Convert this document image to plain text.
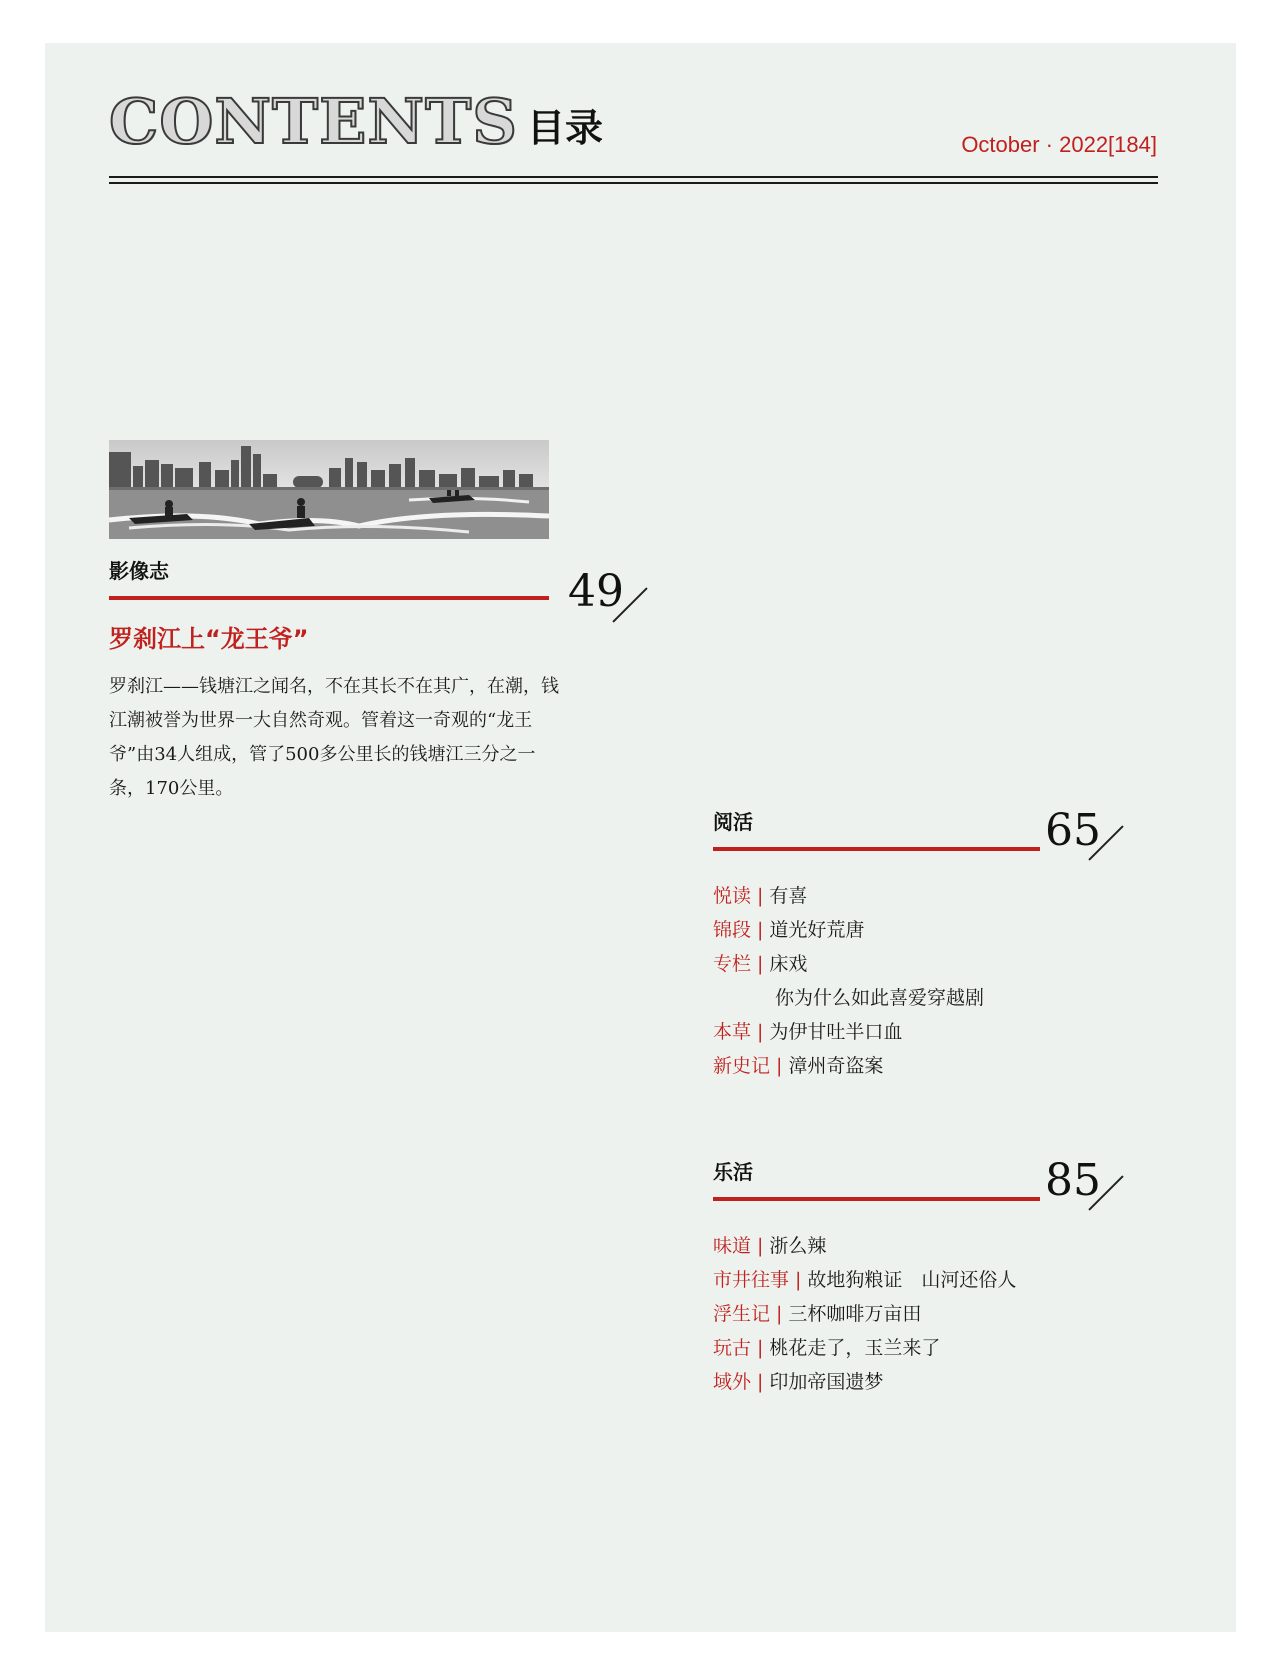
CONTENTS 目录	October · 2022[184]
影像志	49
罗刹江上“龙王爷”
罗刹江——钱塘江之闻名，不在其长不在其广，在潮，钱江潮被誉为世界一大自然奇观。管着这一奇观的“龙王爷”由34人组成，管了500多公里长的钱塘江三分之一条，170公里。
阅活	65
悦读 | 有喜
锦段 | 道光好荒唐
专栏 | 床戏
你为什么如此喜爱穿越剧
本草 | 为伊甘吐半口血
新史记 | 漳州奇盗案
乐活	85
味道 | 浙么辣
市井往事 | 故地狗粮证　山河还俗人
浮生记 | 三杯咖啡万亩田
玩古 | 桃花走了，玉兰来了
域外 | 印加帝国遗梦
